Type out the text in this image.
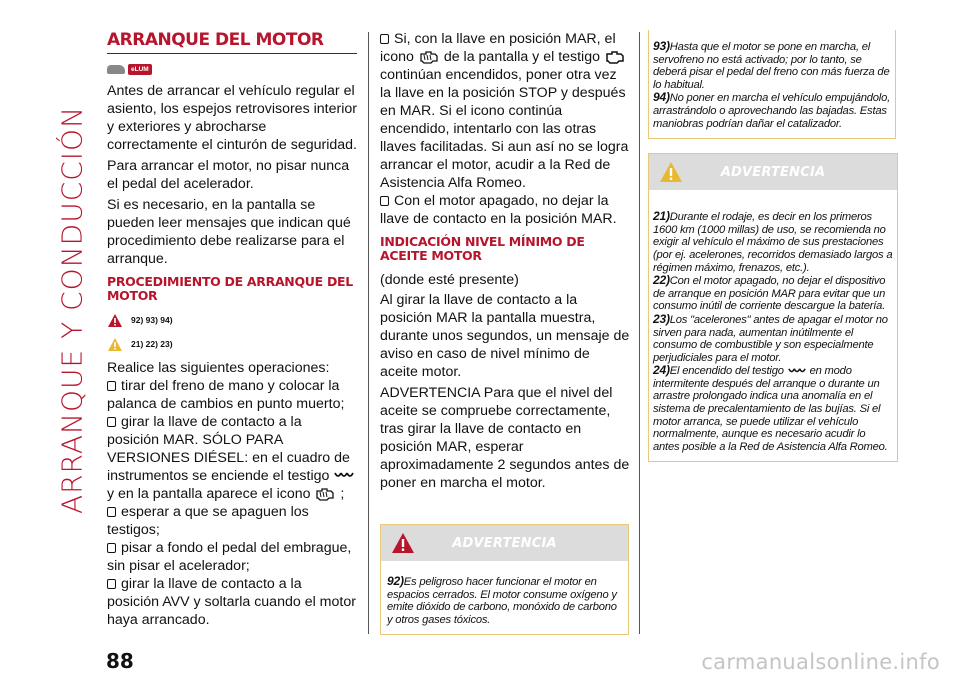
ARRANQUE Y CONDUCCIÓN
ARRANQUE DEL MOTOR
eLUM

Antes de arrancar el vehículo regular el asiento, los espejos retrovisores interior y exteriores y abrocharse correctamente el cinturón de seguridad.

Para arrancar el motor, no pisar nunca el pedal del acelerador.

Si es necesario, en la pantalla se pueden leer mensajes que indican qué procedimiento debe realizarse para el arranque.

PROCEDIMIENTO DE ARRANQUE DEL MOTOR
92) 93) 94)
21) 22) 23)

Realice las siguientes operaciones:

tirar del freno de mano y colocar la palanca de cambios en punto muerto;

girar la llave de contacto a la posición MAR. SÓLO PARA VERSIONES DIÉSEL: en el cuadro de instrumentos se enciende el testigo  y en la pantalla aparece el icono ;

esperar a que se apaguen los testigos;

pisar a fondo el pedal del embrague, sin pisar el acelerador;

girar la llave de contacto a la posición AVV y soltarla cuando el motor haya arrancado.

Si, con la llave en posición MAR, el icono de la pantalla y el testigo  continúan encendidos, poner otra vez la llave en la posición STOP y después en MAR. Si el icono continúa encendido, intentarlo con las otras llaves facilitadas. Si aun así no se logra arrancar el motor, acudir a la Red de Asistencia Alfa Romeo.

Con el motor apagado, no dejar la llave de contacto en la posición MAR.

INDICACIÓN NIVEL MÍNIMO DE ACEITE MOTOR

(donde esté presente)

Al girar la llave de contacto a la posición MAR la pantalla muestra, durante unos segundos, un mensaje de aviso en caso de nivel mínimo de aceite motor.

ADVERTENCIA Para que el nivel del aceite se compruebe correctamente, tras girar la llave de contacto en posición MAR, esperar aproximadamente 2 segundos antes de poner en marcha el motor.

ADVERTENCIA

92)Es peligroso hacer funcionar el motor en espacios cerrados. El motor consume oxígeno y emite dióxido de carbono, monóxido de carbono y otros gases tóxicos.

93)Hasta que el motor se pone en marcha, el servofreno no está activado; por lo tanto, se deberá pisar el pedal del freno con más fuerza de lo habitual.

94)No poner en marcha el vehículo empujándolo, arrastrándolo o aprovechando las bajadas. Estas maniobras podrían dañar el catalizador.

ADVERTENCIA

21)Durante el rodaje, es decir en los primeros 1600 km (1000 millas) de uso, se recomienda no exigir al vehículo el máximo de sus prestaciones (por ej. acelerones, recorridos demasiado largos a régimen máximo, frenazos, etc.).

22)Con el motor apagado, no dejar el dispositivo de arranque en posición MAR para evitar que un consumo inútil de corriente descargue la batería.

23)Los "acelerones" antes de apagar el motor no sirven para nada, aumentan inútilmente el consumo de combustible y son especialmente perjudiciales para el motor.

24)El encendido del testigo en modo intermitente después del arranque o durante un arrastre prolongado indica una anomalía en el sistema de precalentamiento de las bujías. Si el motor arranca, se puede utilizar el vehículo normalmente, aunque es necesario acudir lo antes posible a la Red de Asistencia Alfa Romeo.

88	carmanualsonline.info
